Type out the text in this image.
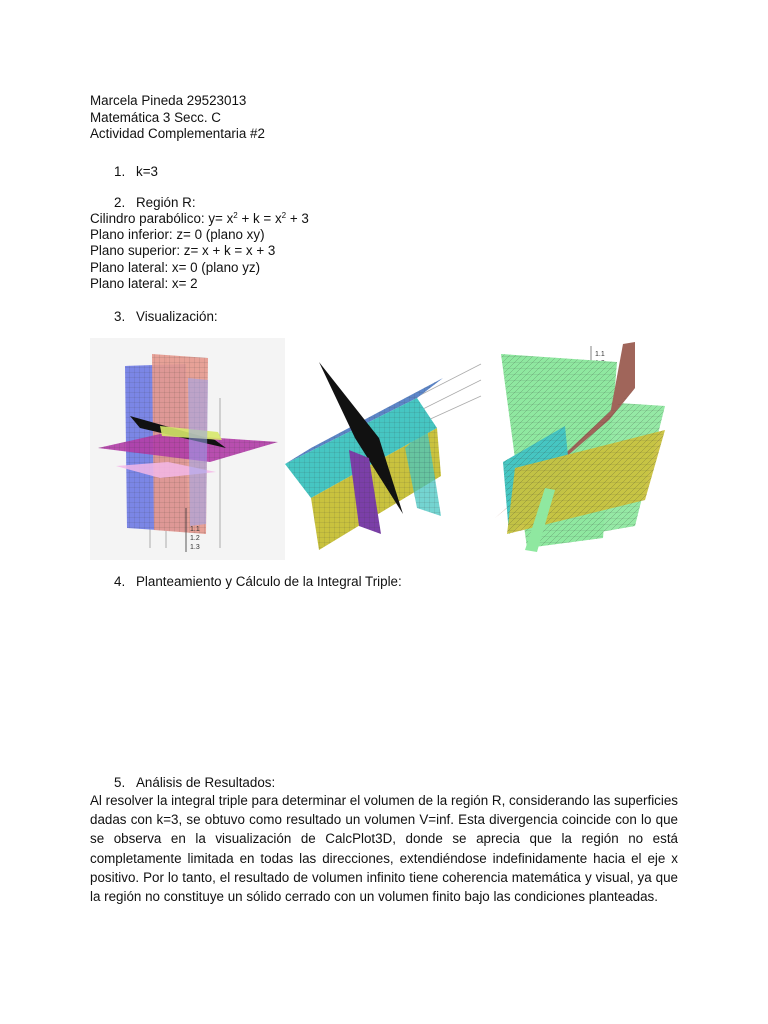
Marcela Pineda 29523013
Matemática 3 Secc. C
Actividad Complementaria #2
1. k=3
2. Región R:
Cilindro parabólico: $y= x^2 + k = x^2 + 3$
Plano inferior: z= 0 (plano xy)
Plano superior: z= x + k = x + 3
Plano lateral: x= 0 (plano yz)
Plano lateral: x= 2
3. Visualización:
1.1
1.2
1.3
1.1
4. Planteamiento y Cálculo de la Integral Triple:
5. Análisis de Resultados:
Al resolver la integral triple para determinar el volumen de la región R, considerando las superficies dadas con k=3, se obtuvo como resultado un volumen V=inf. Esta divergencia coincide con lo que se observa en la visualización de CalcPlot3D, donde se aprecia que la región no está completamente limitada en todas las direcciones, extendiéndose indefinidamente hacia el eje x positivo. Por lo tanto, el resultado de volumen infinito tiene coherencia matemática y visual, ya que la región no constituye un sólido cerrado con un volumen finito bajo las condiciones planteadas.
